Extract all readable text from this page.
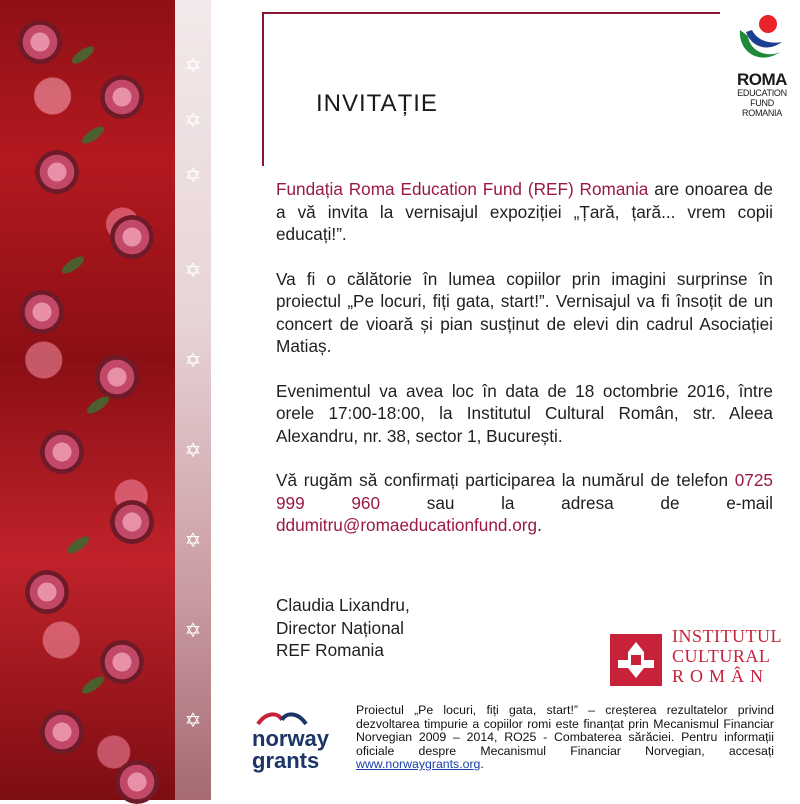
✡
✡
✡
✡
✡
✡
✡
✡
✡
INVITAȚIE
ROMA
EDUCATION
FUND
ROMANIA

Fundația Roma Education Fund (REF) Romania are onoarea de a vă invita la vernisajul expoziției „Țară, țară... vrem copii educați!”.

Va fi o călătorie în lumea copiilor prin imagini surprinse în proiectul „Pe locuri, fiți gata, start!”. Vernisajul va fi însoțit de un concert de vioară și pian susținut de elevi din cadrul Asociației Matiaș.

Evenimentul va avea loc în data de 18 octombrie 2016, între orele 17:00-18:00, la Institutul Cultural Român, str. Aleea Alexandru, nr. 38, sector 1, București.

Vă rugăm să confirmați participarea la numărul de telefon 0725 999 960 sau la adresa de e-mail ddumitru@romaeducationfund.org.

Claudia Lixandru,
Director Național
REF Romania
INSTITUTUL
CULTURAL
ROMÂN
norway
grants
Proiectul „Pe locuri, fiți gata, start!” – creșterea rezultatelor privind dezvoltarea timpurie a copiilor romi este finanțat prin Mecanismul Financiar Norvegian 2009 – 2014, RO25 - Combaterea sărăciei. Pentru informații oficiale despre Mecanismul Financiar Norvegian, accesați www.norwaygrants.org.
